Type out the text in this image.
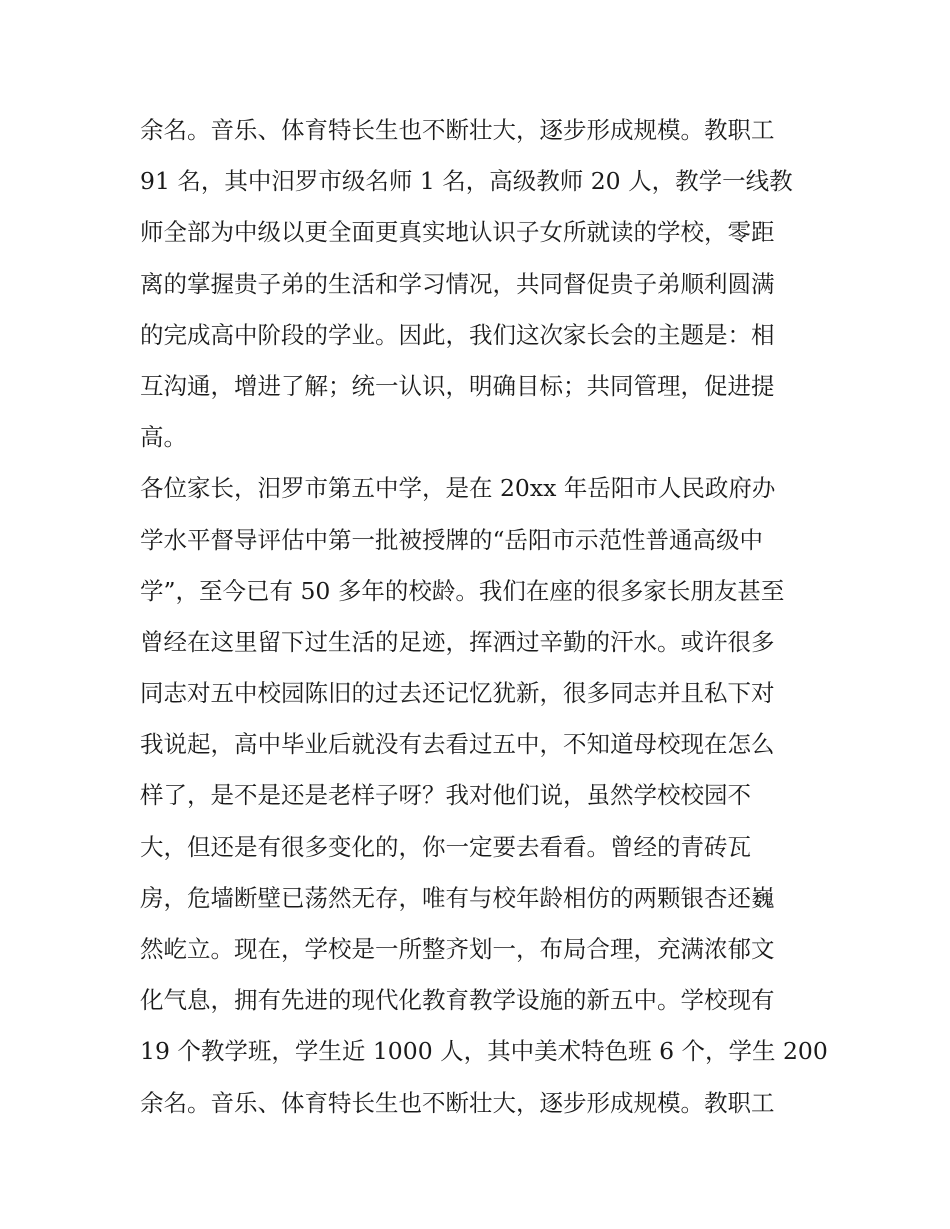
余名。音乐、体育特长生也不断壮大，逐步形成规模。教职工
91 名，其中汨罗市级名师 1 名，高级教师 20 人，教学一线教
师全部为中级以更全面更真实地认识子女所就读的学校，零距
离的掌握贵子弟的生活和学习情况，共同督促贵子弟顺利圆满
的完成高中阶段的学业。因此，我们这次家长会的主题是：相
互沟通，增进了解；统一认识，明确目标；共同管理，促进提
高。
各位家长，汨罗市第五中学，是在 20xx 年岳阳市人民政府办
学水平督导评估中第一批被授牌的“岳阳市示范性普通高级中
学”，至今已有 50 多年的校龄。我们在座的很多家长朋友甚至
曾经在这里留下过生活的足迹，挥洒过辛勤的汗水。或许很多
同志对五中校园陈旧的过去还记忆犹新，很多同志并且私下对
我说起，高中毕业后就没有去看过五中，不知道母校现在怎么
样了，是不是还是老样子呀？我对他们说，虽然学校校园不
大，但还是有很多变化的，你一定要去看看。曾经的青砖瓦
房，危墙断壁已荡然无存，唯有与校年龄相仿的两颗银杏还巍
然屹立。现在，学校是一所整齐划一，布局合理，充满浓郁文
化气息，拥有先进的现代化教育教学设施的新五中。学校现有
19 个教学班，学生近 1000 人，其中美术特色班 6 个，学生 200
余名。音乐、体育特长生也不断壮大，逐步形成规模。教职工
